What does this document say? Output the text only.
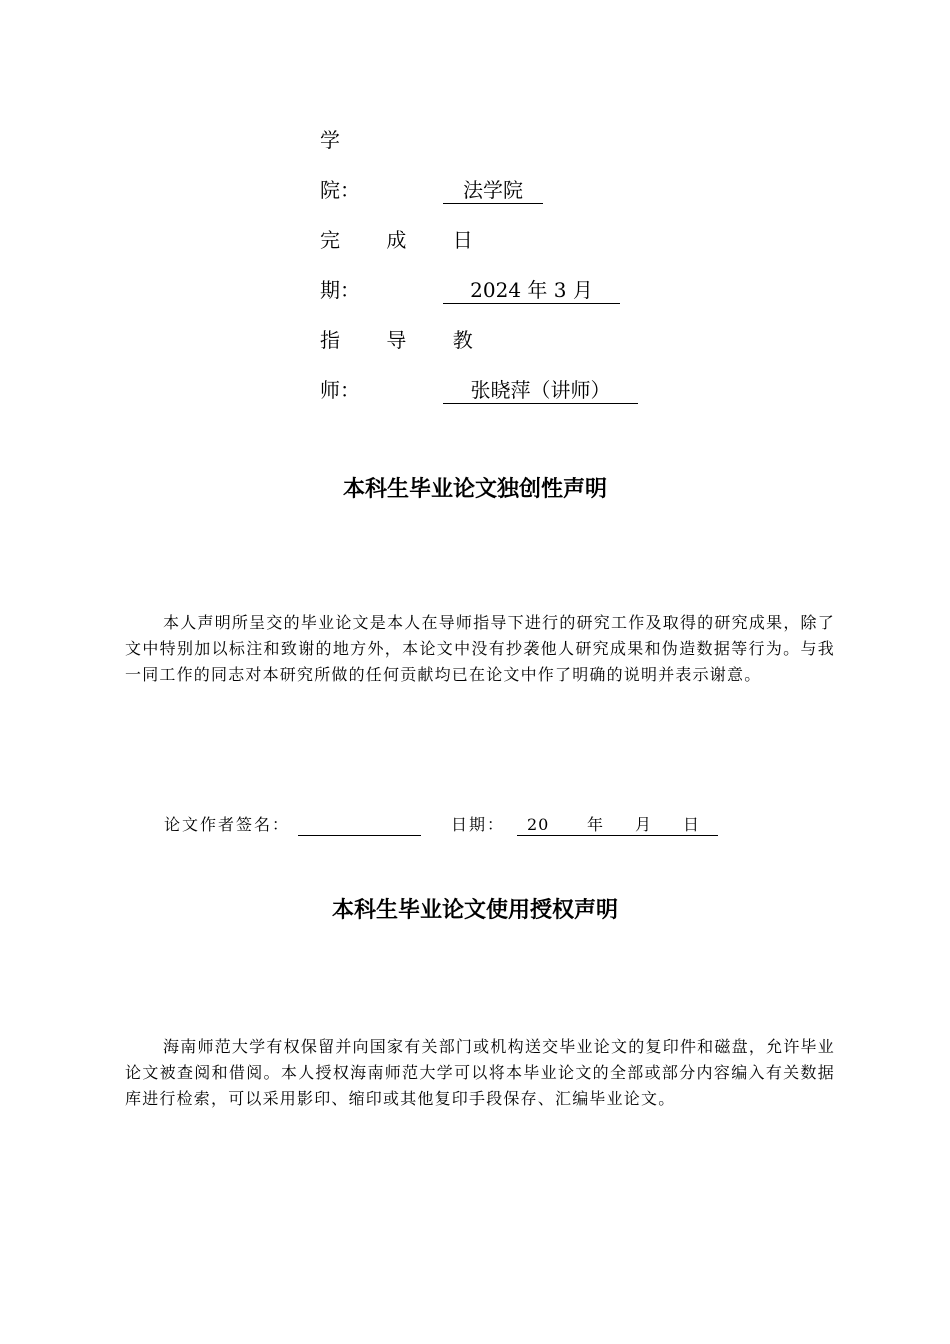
学
院：	法学院
完 成 日
期：	2024 年 3 月
指 导 教
师：	张晓萍（讲师）
本科生毕业论文独创性声明
本人声明所呈交的毕业论文是本人在导师指导下进行的研究工作及取得的研究成果，除了文中特别加以标注和致谢的地方外，本论文中没有抄袭他人研究成果和伪造数据等行为。与我一同工作的同志对本研究所做的任何贡献均已在论文中作了明确的说明并表示谢意。
论文作者签名：	日期： 20 年 月 日
本科生毕业论文使用授权声明
海南师范大学有权保留并向国家有关部门或机构送交毕业论文的复印件和磁盘，允许毕业论文被查阅和借阅。本人授权海南师范大学可以将本毕业论文的全部或部分内容编入有关数据库进行检索，可以采用影印、缩印或其他复印手段保存、汇编毕业论文。
